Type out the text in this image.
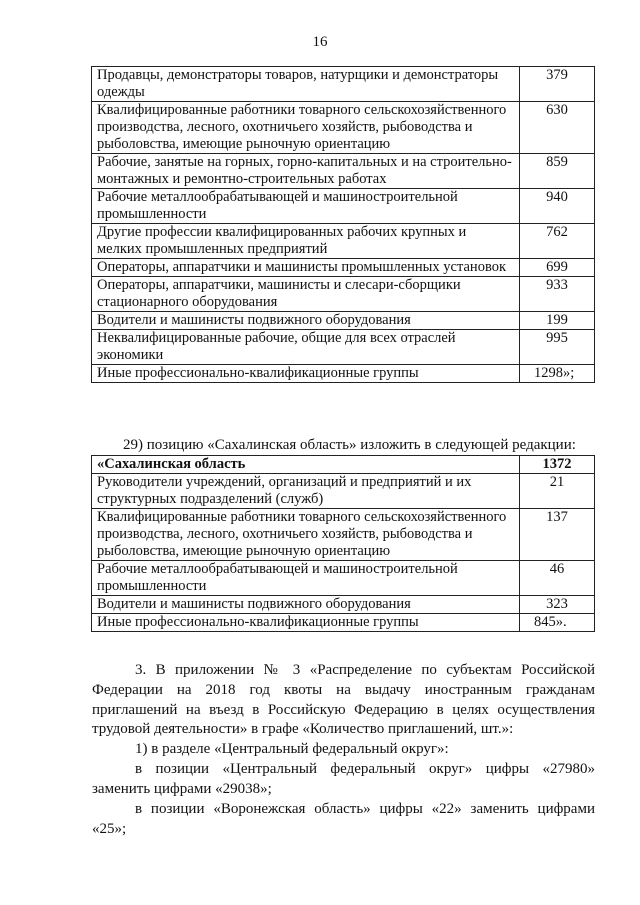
16
Продавцы, демонстраторы товаров, натурщики и демонстраторы одежды	379
Квалифицированные работники товарного сельскохозяйственного производства, лесного, охотничьего хозяйств, рыбоводства и рыболовства, имеющие рыночную ориентацию	630
Рабочие, занятые на горных, горно-капитальных и на строительно-монтажных и ремонтно-строительных работах	859
Рабочие металлообрабатывающей и машиностроительной промышленности	940
Другие профессии квалифицированных рабочих крупных и мелких промышленных предприятий	762
Операторы, аппаратчики и машинисты промышленных установок	699
Операторы, аппаратчики, машинисты и слесари-сборщики стационарного оборудования	933
Водители и машинисты подвижного оборудования	199
Неквалифицированные рабочие, общие для всех отраслей экономики	995
Иные профессионально-квалификационные группы	1298»;

29) позицию «Сахалинская область» изложить в следующей редакции:

«Сахалинская область	1372
Руководители учреждений, организаций и предприятий и их структурных подразделений (служб)	21
Квалифицированные работники товарного сельскохозяйственного производства, лесного, охотничьего хозяйств, рыбоводства и рыболовства, имеющие рыночную ориентацию	137
Рабочие металлообрабатывающей и машиностроительной промышленности	46
Водители и машинисты подвижного оборудования	323
Иные профессионально-квалификационные группы	845».

3. В приложении № 3 «Распределение по субъектам Российской

Федерации на 2018 год квоты на выдачу иностранным гражданам

приглашений на въезд в Российскую Федерацию в целях осуществления

трудовой деятельности» в графе «Количество приглашений, шт.»:

1) в разделе «Центральный федеральный округ»:

в позиции «Центральный федеральный округ» цифры «27980»

заменить цифрами «29038»;

в позиции «Воронежская область» цифры «22» заменить цифрами

«25»;
